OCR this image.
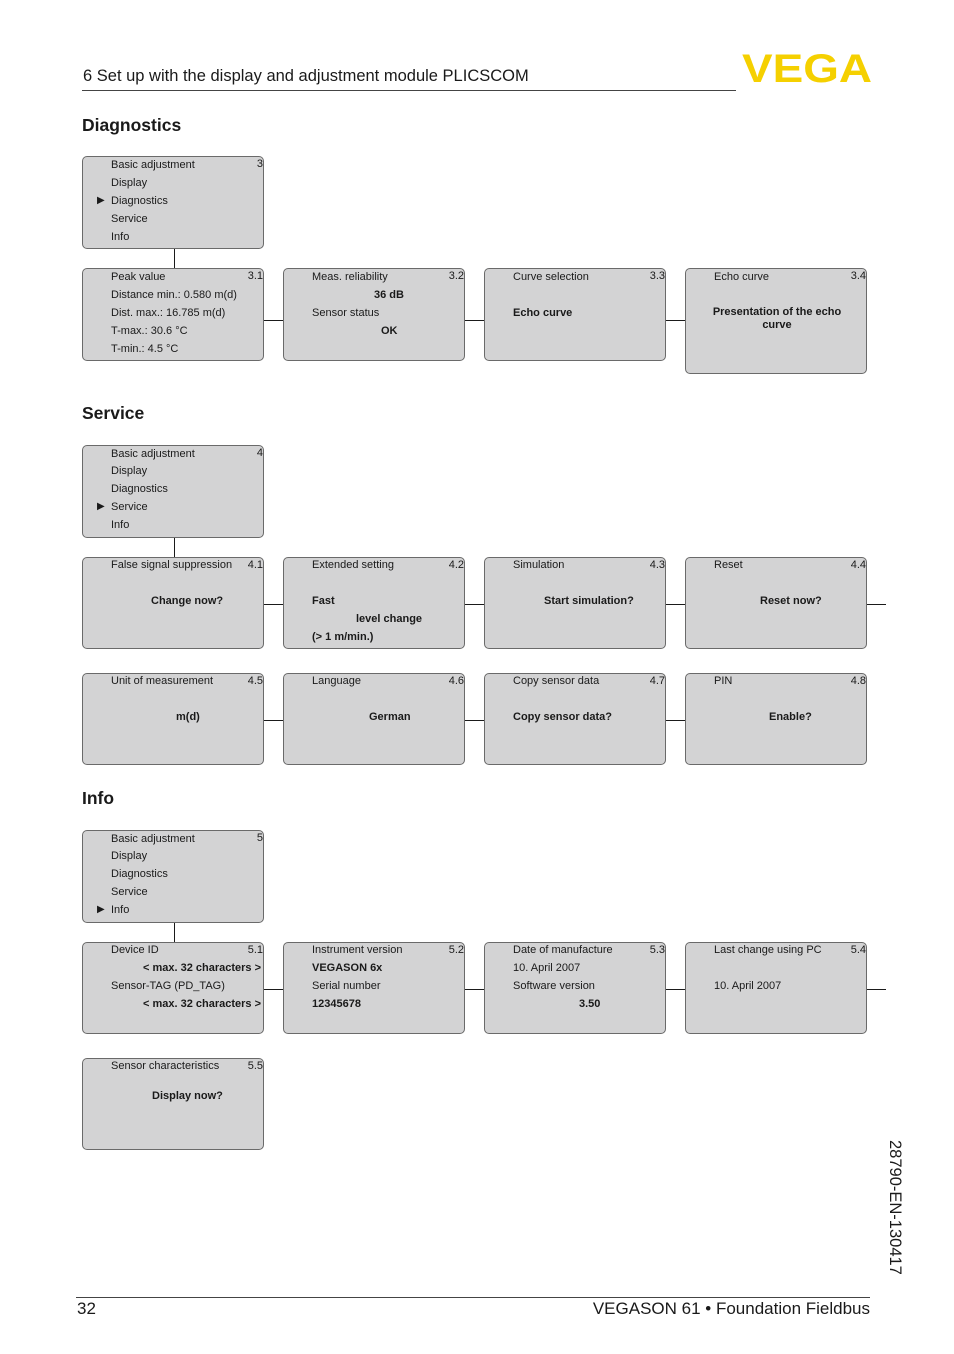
6 Set up with the display and adjustment module PLICSCOM	VEGA
Diagnostics
3
Basic adjustment
Display
▶ Diagnostics
Service
Info
3.1
Peak value
Distance min.: 0.580 m(d)
Dist. max.: 16.785 m(d)
T-max.: 30.6 °C
T-min.: 4.5 °C
3.2
Meas. reliability
36 dB
Sensor status
OK
3.3
Curve selection
Echo curve
3.4
Echo curve
Presentation of the echo
curve
Service
4
Basic adjustment
Display
Diagnostics
▶ Service
Info
4.1
False signal suppression
Change now?
4.2
Extended setting
Fast
level change
(> 1 m/min.)
4.3
Simulation
Start simulation?
4.4
Reset
Reset now?
4.5
Unit of measurement
m(d)
4.6
Language
German
4.7
Copy sensor data
Copy sensor data?
4.8
PIN
Enable?
Info
5
Basic adjustment
Display
Diagnostics
Service
▶ Info
5.1
Device ID
< max. 32 characters >
Sensor-TAG (PD_TAG)
< max. 32 characters >
5.2
Instrument version
VEGASON 6x
Serial number
12345678
5.3
Date of manufacture
10. April 2007
Software version
3.50
5.4
Last change using PC
10. April 2007
5.5
Sensor characteristics
Display now?
28790-EN-130417
32	VEGASON 61 • Foundation Fieldbus
